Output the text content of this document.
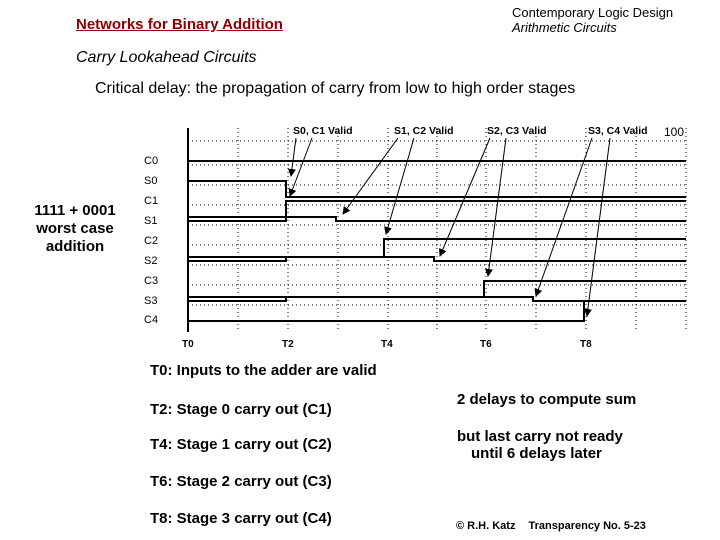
Networks for Binary Addition
Contemporary Logic Design
Arithmetic Circuits
Carry Lookahead Circuits
Critical delay: the propagation of carry from low to high order stages
1111 + 0001 worst case addition
C0
S0
C1
S1
C2
S2
C3
S3
C4
S0, C1 Valid	S1, C2 Valid	S2, C3 Valid	S3, C4 Valid 100
T0	T2	T4	T6	T8
T0: Inputs to the adder are valid
T2: Stage 0 carry out (C1)
T4: Stage 1 carry out (C2)
T6: Stage 2 carry out (C3)
T8: Stage 3 carry out (C4)
2 delays to compute sum
but last carry not ready
until 6 delays later
© R.H. Katz Transparency No. 5-23
